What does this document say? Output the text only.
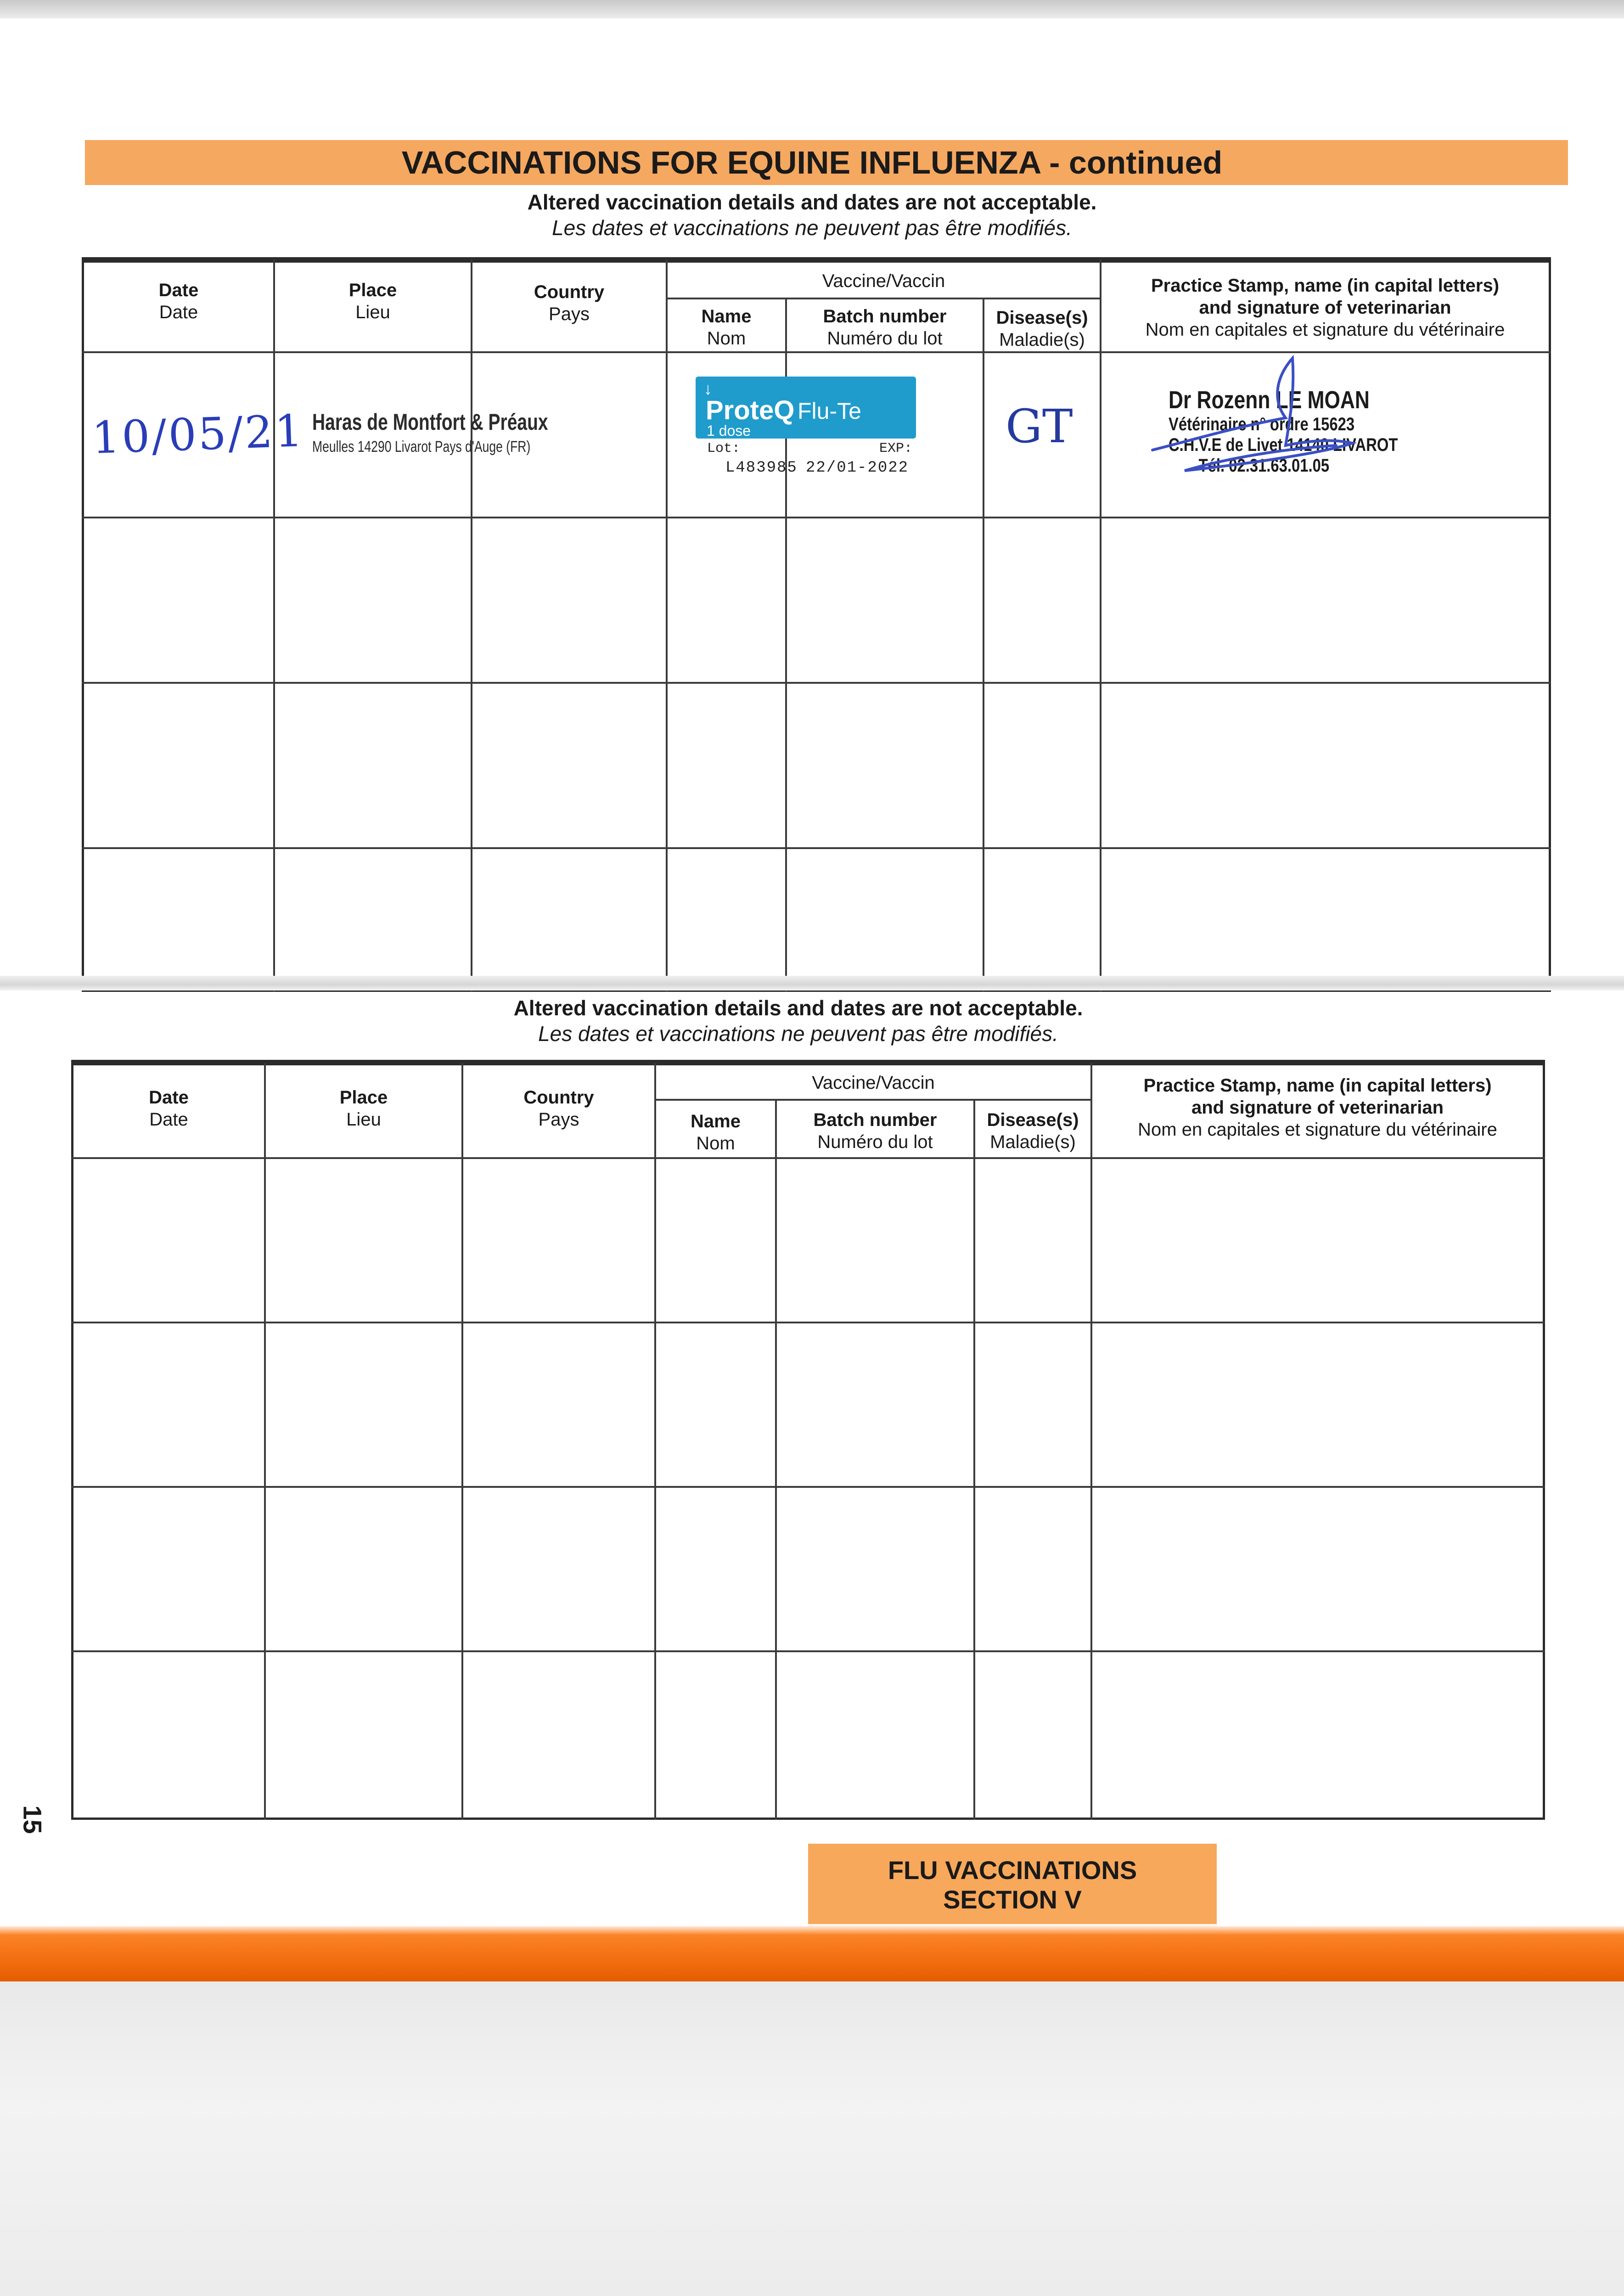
VACCINATIONS FOR EQUINE INFLUENZA - continued
Altered vaccination details and dates are not acceptable.
Les dates et vaccinations ne peuvent pas être modifiés.
Date
Date
Place
Lieu
Country
Pays
Vaccine/Vaccin
Name
Nom
Batch number
Numéro du lot
Disease(s)
Maladie(s)
Practice Stamp, name (in capital letters)
and signature of veterinarian
Nom en capitales et signature du vétérinaire
10/05/21 Haras de Montfort & Préaux
Meulles 14290 Livarot Pays d'Auge (FR)
↓
ProteQ Flu-Te
1 dose
Lot:	EXP:
L483985 22/01-2022
GT	Dr Rozenn LE MOAN
Vétérinaire n° ordre 15623
C.H.V.E de Livet 14140 LIVAROT
Tél. 02.31.63.01.05
Altered vaccination details and dates are not acceptable.
Les dates et vaccinations ne peuvent pas être modifiés.
Date
Date
Place
Lieu
Country
Pays
Vaccine/Vaccin
Name
Nom
Batch number
Numéro du lot
Disease(s)
Maladie(s)
Practice Stamp, name (in capital letters)
and signature of veterinarian
Nom en capitales et signature du vétérinaire
15
FLU VACCINATIONS
SECTION V
